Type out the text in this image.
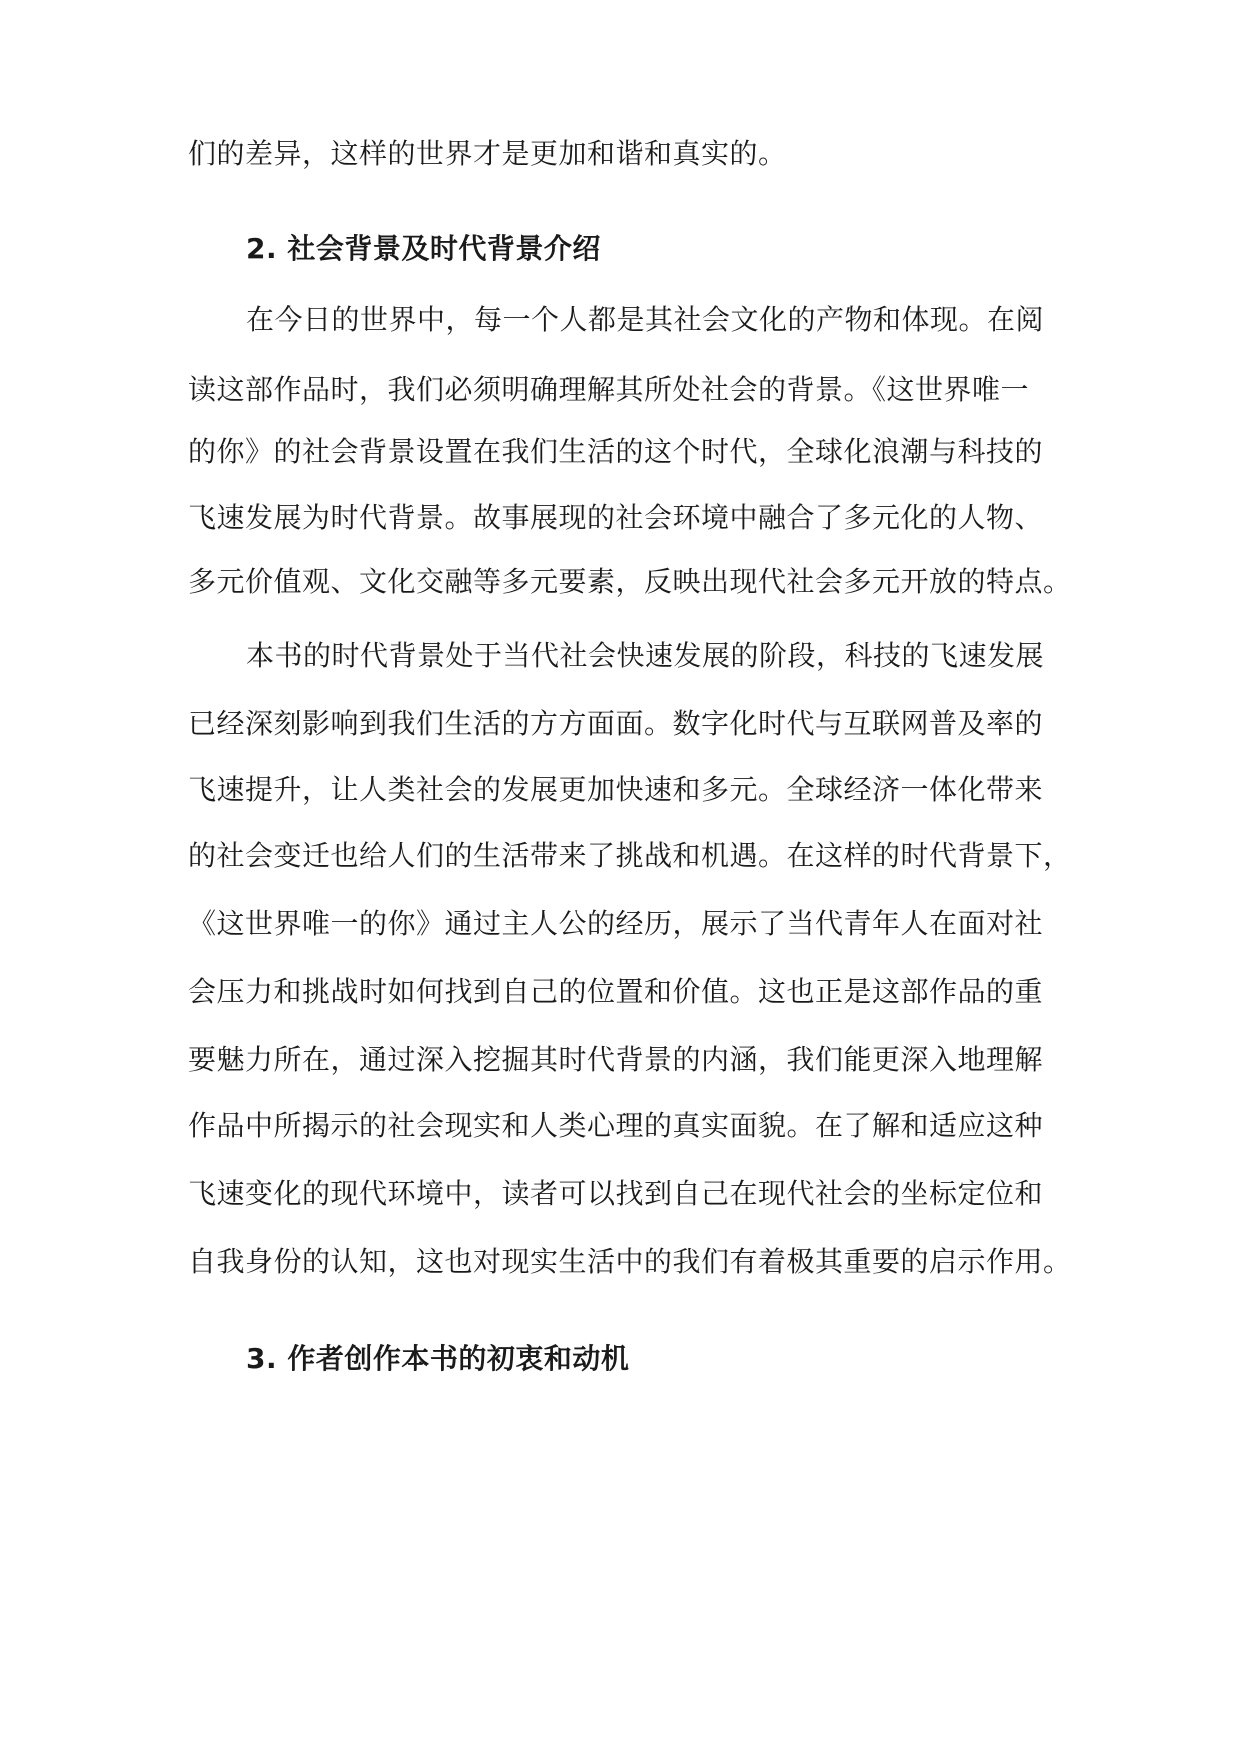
们的差异，这样的世界才是更加和谐和真实的。
2. 社会背景及时代背景介绍
在今日的世界中，每一个人都是其社会文化的产物和体现。在阅
读这部作品时，我们必须明确理解其所处社会的背景。《这世界唯一
的你》的社会背景设置在我们生活的这个时代，全球化浪潮与科技的
飞速发展为时代背景。故事展现的社会环境中融合了多元化的人物、
多元价值观、文化交融等多元要素，反映出现代社会多元开放的特点。
本书的时代背景处于当代社会快速发展的阶段，科技的飞速发展
已经深刻影响到我们生活的方方面面。数字化时代与互联网普及率的
飞速提升，让人类社会的发展更加快速和多元。全球经济一体化带来
的社会变迁也给人们的生活带来了挑战和机遇。在这样的时代背景下，
《这世界唯一的你》通过主人公的经历，展示了当代青年人在面对社
会压力和挑战时如何找到自己的位置和价值。这也正是这部作品的重
要魅力所在，通过深入挖掘其时代背景的内涵，我们能更深入地理解
作品中所揭示的社会现实和人类心理的真实面貌。在了解和适应这种
飞速变化的现代环境中，读者可以找到自己在现代社会的坐标定位和
自我身份的认知，这也对现实生活中的我们有着极其重要的启示作用。
3. 作者创作本书的初衷和动机
